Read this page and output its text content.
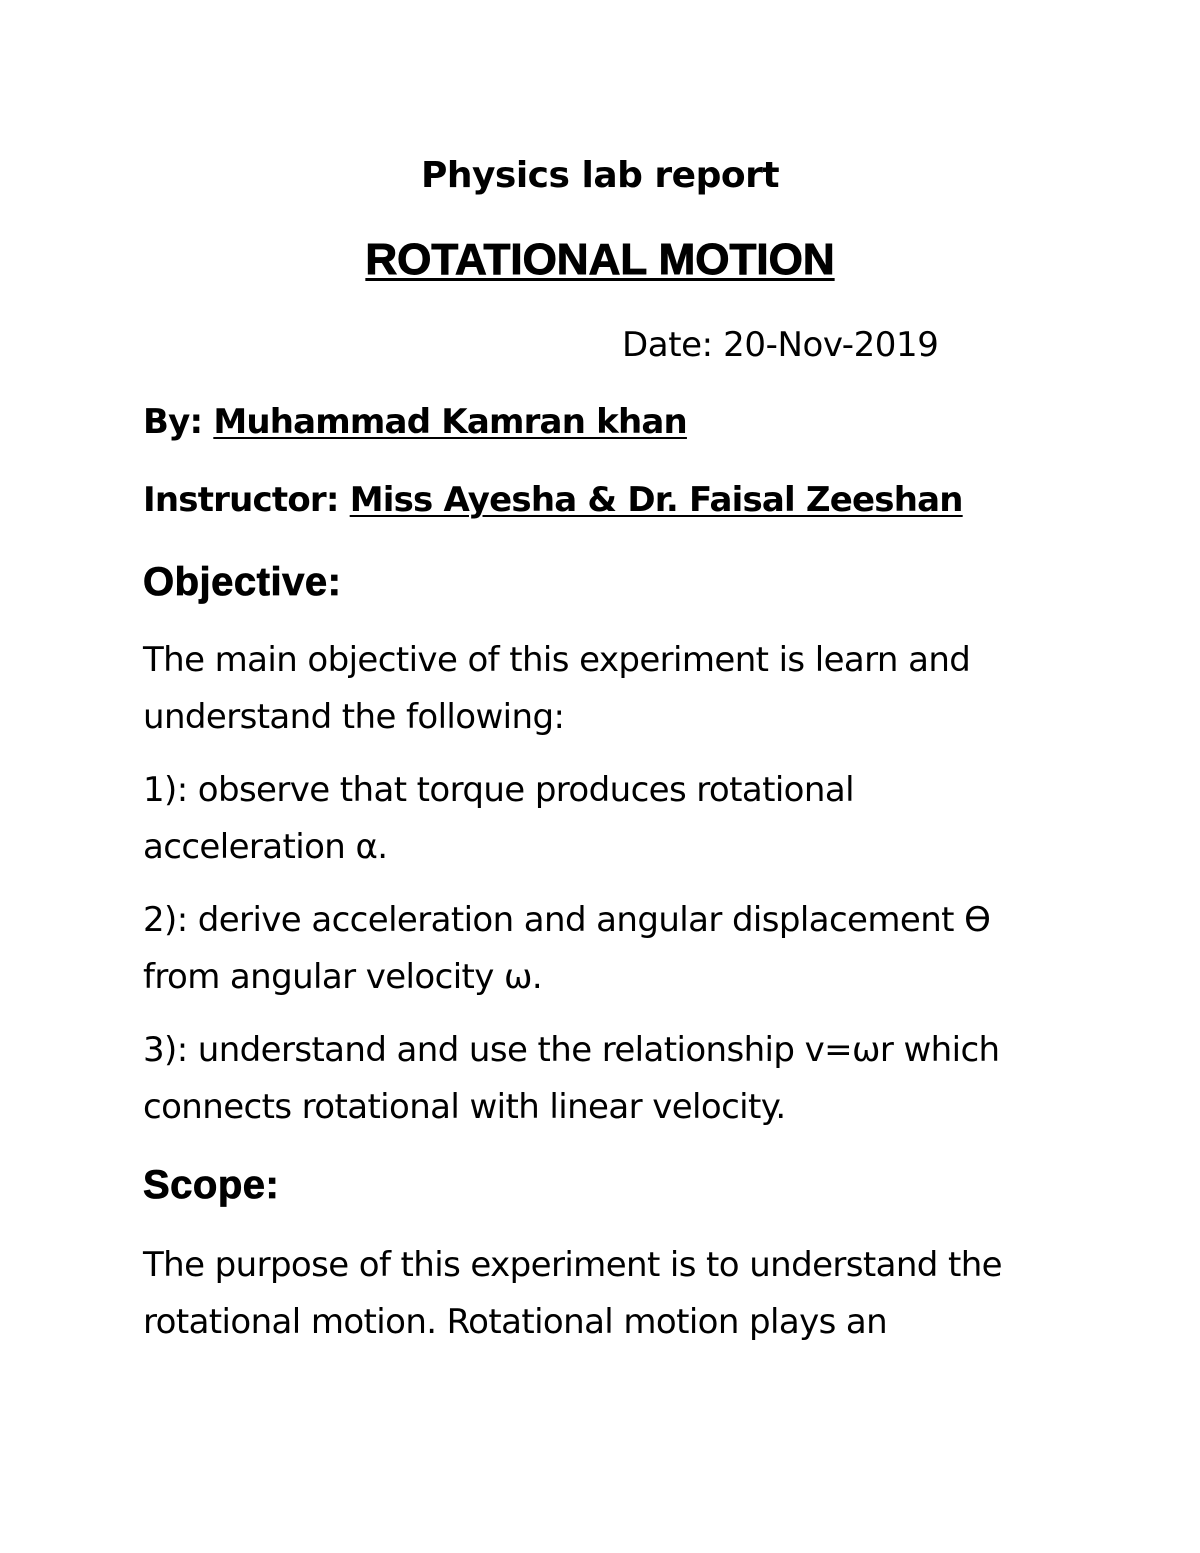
Physics lab report
ROTATIONAL MOTION
Date: 20-Nov-2019
By: Muhammad Kamran khan
Instructor: Miss Ayesha & Dr. Faisal Zeeshan
Objective:

The main objective of this experiment is learn and

understand the following:

1): observe that torque produces rotational

acceleration α.

2): derive acceleration and angular displacement Ө

from angular velocity ω.

3): understand and use the relationship v=ωr which

connects rotational with linear velocity.

Scope:

The purpose of this experiment is to understand the

rotational motion. Rotational motion plays an
